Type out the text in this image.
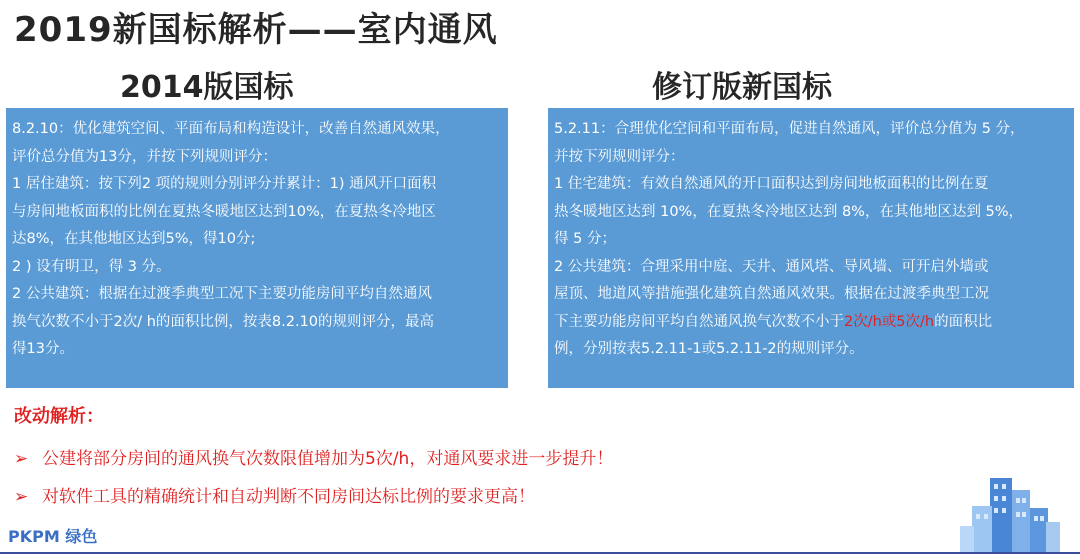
2019新国标解析——室内通风
2014版国标	修订版新国标

8.2.10：优化建筑空间、平面布局和构造设计，改善自然通风效果，

评价总分值为13分，并按下列规则评分：

1 居住建筑：按下列2 项的规则分别评分并累计：1) 通风开口面积

与房间地板面积的比例在夏热冬暖地区达到10%，在夏热冬冷地区

达8%，在其他地区达到5%，得10分;

2 ) 设有明卫，得 3 分。

2 公共建筑：根据在过渡季典型工况下主要功能房间平均自然通风

换气次数不小于2次/ h的面积比例，按表8.2.10的规则评分，最高

得13分。

5.2.11：合理优化空间和平面布局，促进自然通风，评价总分值为 5 分，

并按下列规则评分：

1 住宅建筑：有效自然通风的开口面积达到房间地板面积的比例在夏

热冬暖地区达到 10%，在夏热冬冷地区达到 8%，在其他地区达到 5%，

得 5 分；

2 公共建筑：合理采用中庭、天井、通风塔、导风墙、可开启外墙或

屋顶、地道风等措施强化建筑自然通风效果。根据在过渡季典型工况

下主要功能房间平均自然通风换气次数不小于2次/h或5次/h的面积比

例，分别按表5.2.11-1或5.2.11-2的规则评分。

改动解析：
➢ 公建将部分房间的通风换气次数限值增加为5次/h，对通风要求进一步提升！
➢ 对软件工具的精确统计和自动判断不同房间达标比例的要求更高！
PKPM 绿色
